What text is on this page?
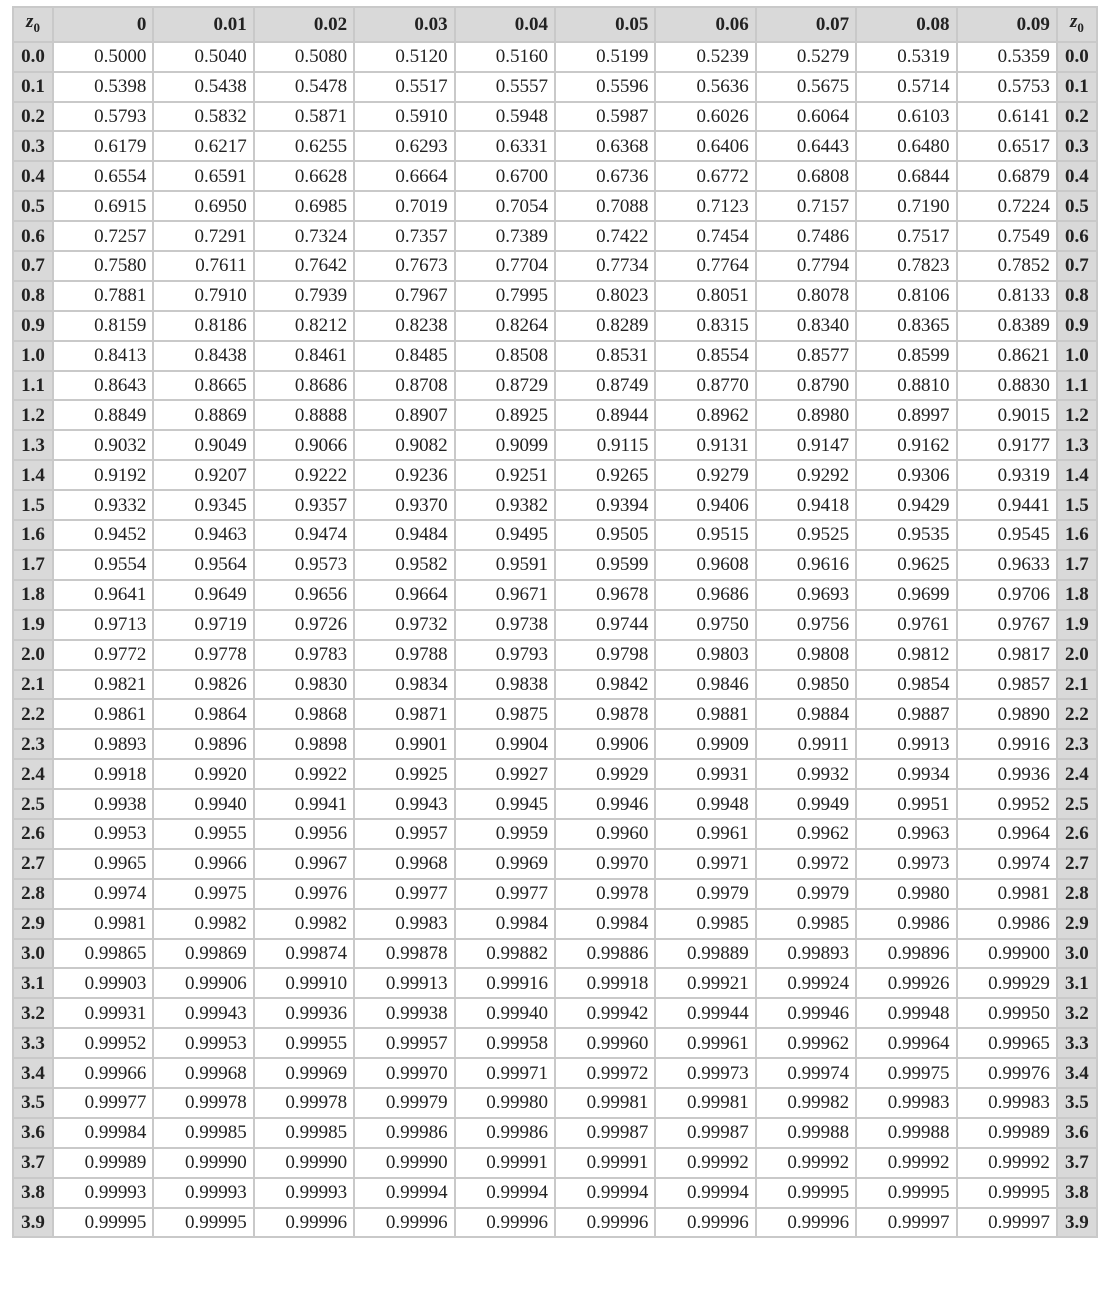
$z_0$	0	0.01	0.02	0.03	0.04	0.05	0.06	0.07	0.08	0.09	$z_0$
0.0	0.5000	0.5040	0.5080	0.5120	0.5160	0.5199	0.5239	0.5279	0.5319	0.5359	0.0
0.1	0.5398	0.5438	0.5478	0.5517	0.5557	0.5596	0.5636	0.5675	0.5714	0.5753	0.1
0.2	0.5793	0.5832	0.5871	0.5910	0.5948	0.5987	0.6026	0.6064	0.6103	0.6141	0.2
0.3	0.6179	0.6217	0.6255	0.6293	0.6331	0.6368	0.6406	0.6443	0.6480	0.6517	0.3
0.4	0.6554	0.6591	0.6628	0.6664	0.6700	0.6736	0.6772	0.6808	0.6844	0.6879	0.4
0.5	0.6915	0.6950	0.6985	0.7019	0.7054	0.7088	0.7123	0.7157	0.7190	0.7224	0.5
0.6	0.7257	0.7291	0.7324	0.7357	0.7389	0.7422	0.7454	0.7486	0.7517	0.7549	0.6
0.7	0.7580	0.7611	0.7642	0.7673	0.7704	0.7734	0.7764	0.7794	0.7823	0.7852	0.7
0.8	0.7881	0.7910	0.7939	0.7967	0.7995	0.8023	0.8051	0.8078	0.8106	0.8133	0.8
0.9	0.8159	0.8186	0.8212	0.8238	0.8264	0.8289	0.8315	0.8340	0.8365	0.8389	0.9
1.0	0.8413	0.8438	0.8461	0.8485	0.8508	0.8531	0.8554	0.8577	0.8599	0.8621	1.0
1.1	0.8643	0.8665	0.8686	0.8708	0.8729	0.8749	0.8770	0.8790	0.8810	0.8830	1.1
1.2	0.8849	0.8869	0.8888	0.8907	0.8925	0.8944	0.8962	0.8980	0.8997	0.9015	1.2
1.3	0.9032	0.9049	0.9066	0.9082	0.9099	0.9115	0.9131	0.9147	0.9162	0.9177	1.3
1.4	0.9192	0.9207	0.9222	0.9236	0.9251	0.9265	0.9279	0.9292	0.9306	0.9319	1.4
1.5	0.9332	0.9345	0.9357	0.9370	0.9382	0.9394	0.9406	0.9418	0.9429	0.9441	1.5
1.6	0.9452	0.9463	0.9474	0.9484	0.9495	0.9505	0.9515	0.9525	0.9535	0.9545	1.6
1.7	0.9554	0.9564	0.9573	0.9582	0.9591	0.9599	0.9608	0.9616	0.9625	0.9633	1.7
1.8	0.9641	0.9649	0.9656	0.9664	0.9671	0.9678	0.9686	0.9693	0.9699	0.9706	1.8
1.9	0.9713	0.9719	0.9726	0.9732	0.9738	0.9744	0.9750	0.9756	0.9761	0.9767	1.9
2.0	0.9772	0.9778	0.9783	0.9788	0.9793	0.9798	0.9803	0.9808	0.9812	0.9817	2.0
2.1	0.9821	0.9826	0.9830	0.9834	0.9838	0.9842	0.9846	0.9850	0.9854	0.9857	2.1
2.2	0.9861	0.9864	0.9868	0.9871	0.9875	0.9878	0.9881	0.9884	0.9887	0.9890	2.2
2.3	0.9893	0.9896	0.9898	0.9901	0.9904	0.9906	0.9909	0.9911	0.9913	0.9916	2.3
2.4	0.9918	0.9920	0.9922	0.9925	0.9927	0.9929	0.9931	0.9932	0.9934	0.9936	2.4
2.5	0.9938	0.9940	0.9941	0.9943	0.9945	0.9946	0.9948	0.9949	0.9951	0.9952	2.5
2.6	0.9953	0.9955	0.9956	0.9957	0.9959	0.9960	0.9961	0.9962	0.9963	0.9964	2.6
2.7	0.9965	0.9966	0.9967	0.9968	0.9969	0.9970	0.9971	0.9972	0.9973	0.9974	2.7
2.8	0.9974	0.9975	0.9976	0.9977	0.9977	0.9978	0.9979	0.9979	0.9980	0.9981	2.8
2.9	0.9981	0.9982	0.9982	0.9983	0.9984	0.9984	0.9985	0.9985	0.9986	0.9986	2.9
3.0	0.99865	0.99869	0.99874	0.99878	0.99882	0.99886	0.99889	0.99893	0.99896	0.99900	3.0
3.1	0.99903	0.99906	0.99910	0.99913	0.99916	0.99918	0.99921	0.99924	0.99926	0.99929	3.1
3.2	0.99931	0.99943	0.99936	0.99938	0.99940	0.99942	0.99944	0.99946	0.99948	0.99950	3.2
3.3	0.99952	0.99953	0.99955	0.99957	0.99958	0.99960	0.99961	0.99962	0.99964	0.99965	3.3
3.4	0.99966	0.99968	0.99969	0.99970	0.99971	0.99972	0.99973	0.99974	0.99975	0.99976	3.4
3.5	0.99977	0.99978	0.99978	0.99979	0.99980	0.99981	0.99981	0.99982	0.99983	0.99983	3.5
3.6	0.99984	0.99985	0.99985	0.99986	0.99986	0.99987	0.99987	0.99988	0.99988	0.99989	3.6
3.7	0.99989	0.99990	0.99990	0.99990	0.99991	0.99991	0.99992	0.99992	0.99992	0.99992	3.7
3.8	0.99993	0.99993	0.99993	0.99994	0.99994	0.99994	0.99994	0.99995	0.99995	0.99995	3.8
3.9	0.99995	0.99995	0.99996	0.99996	0.99996	0.99996	0.99996	0.99996	0.99997	0.99997	3.9
